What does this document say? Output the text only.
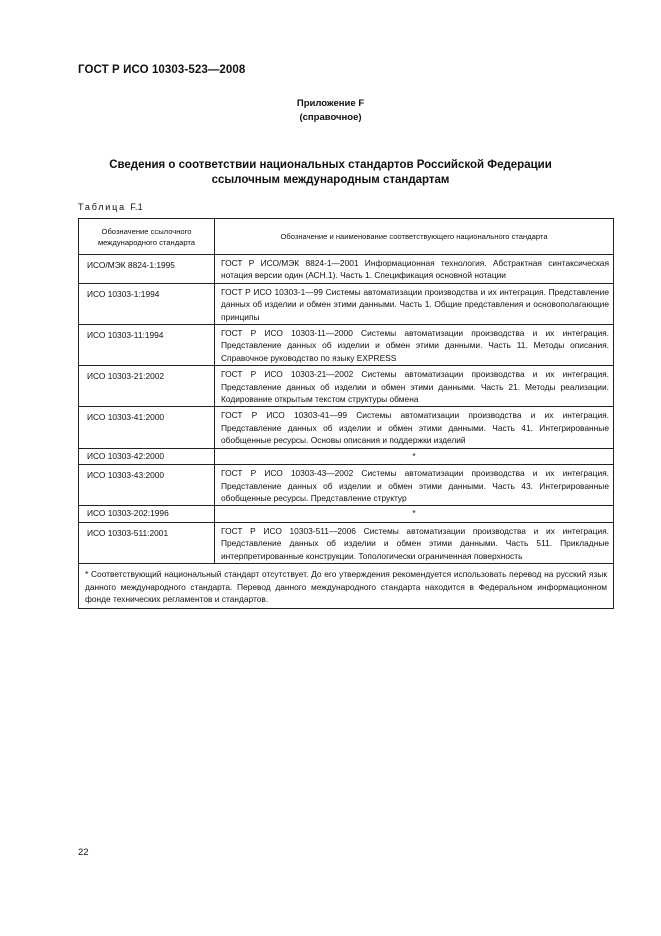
ГОСТ Р ИСО 10303-523—2008
Приложение F
(справочное)
Сведения о соответствии национальных стандартов Российской Федерации
ссылочным международным стандартам
Таблица F.1
Обозначение ссылочного международного стандарта	Обозначение и наименование соответствующего национального стандарта
ИСО/МЭК 8824-1:1995	ГОСТ Р ИСО/МЭК 8824-1—2001 Информационная технология. Абстрактная синтаксическая нотация версии один (АСН.1). Часть 1. Спецификация основной нотации
ИСО 10303-1:1994	ГОСТ Р ИСО 10303-1—99 Системы автоматизации производства и их интеграция. Представление данных об изделии и обмен этими данными. Часть 1. Общие представления и основополагающие принципы
ИСО 10303-11:1994	ГОСТ Р ИСО 10303-11—2000 Системы автоматизации производства и их интеграция. Представление данных об изделии и обмен этими данными. Часть 11. Методы описания. Справочное руководство по языку EXPRESS
ИСО 10303-21:2002	ГОСТ Р ИСО 10303-21—2002 Системы автоматизации производства и их интеграция. Представление данных об изделии и обмен этими данными. Часть 21. Методы реализации. Кодирование открытым текстом структуры обмена
ИСО 10303-41:2000	ГОСТ Р ИСО 10303-41—99 Системы автоматизации производства и их интеграция. Представление данных об изделии и обмен этими данными. Часть 41. Интегрированные обобщенные ресурсы. Основы описания и поддержки изделий
ИСО 10303-42:2000	*
ИСО 10303-43:2000	ГОСТ Р ИСО 10303-43—2002 Системы автоматизации производства и их интеграция. Представление данных об изделии и обмен этими данными. Часть 43. Интегрированные обобщенные ресурсы. Представление структур
ИСО 10303-202:1996	*
ИСО 10303-511:2001	ГОСТ Р ИСО 10303-511—2006 Системы автоматизации производства и их интеграция. Представление данных об изделии и обмен этими данными. Часть 511. Прикладные интерпретированные конструкции. Топологически ограниченная поверхность
* Соответствующий национальный стандарт отсутствует. До его утверждения рекомендуется использовать перевод на русский язык данного международного стандарта. Перевод данного международного стандарта находится в Федеральном информационном фонде технических регламентов и стандартов.	
22
